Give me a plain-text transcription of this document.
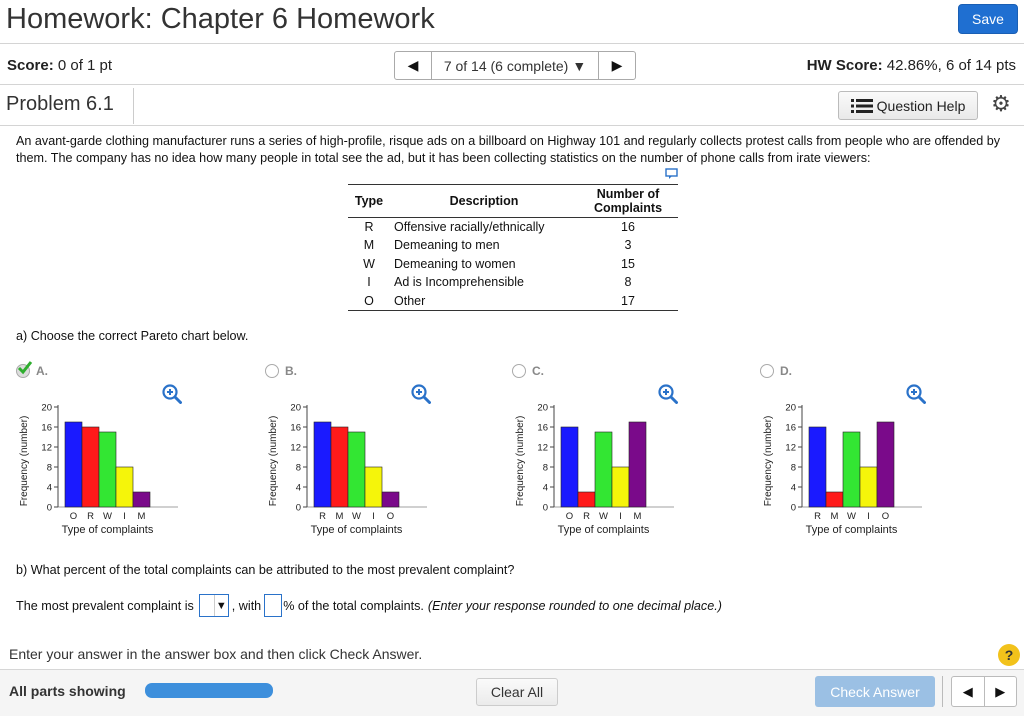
Homework: Chapter 6 Homework	Save
Score: 0 of 1 pt	◀	7 of 14 (6 complete) ▼	▶	HW Score: 42.86%, 6 of 14 pts
Problem 6.1	Question Help ⚙
An avant-garde clothing manufacturer runs a series of high-profile, risque ads on a billboard on Highway 101 and regularly collects protest calls from people who are offended by them. The company has no idea how many people in total see the ad, but it has been collecting statistics on the number of phone calls from irate viewers:
Type	Description	Number of Complaints
R	Offensive racially/ethnically	16
M	Demeaning to men	3
W	Demeaning to women	15
I	Ad is Incomprehensible	8
O	Other	17
a) Choose the correct Pareto chart below.
A.
Frequency (number)
0
4
8
12
16
20
O R W I M
Type of complaints
B.
Frequency (number)
0
4
8
12
16
20
R M W I O
Type of complaints
C.
Frequency (number)
0
4
8
12
16
20
O R W I M
Type of complaints
D.
Frequency (number)
0
4
8
12
16
20
R M W I O
Type of complaints
b) What percent of the total complaints can be attributed to the most prevalent complaint?
The most prevalent complaint is ▼ , with % of the total complaints. (Enter your response rounded to one decimal place.)
Enter your answer in the answer box and then click Check Answer.	?
All parts showing	Clear All	Check Answer	◀	▶
